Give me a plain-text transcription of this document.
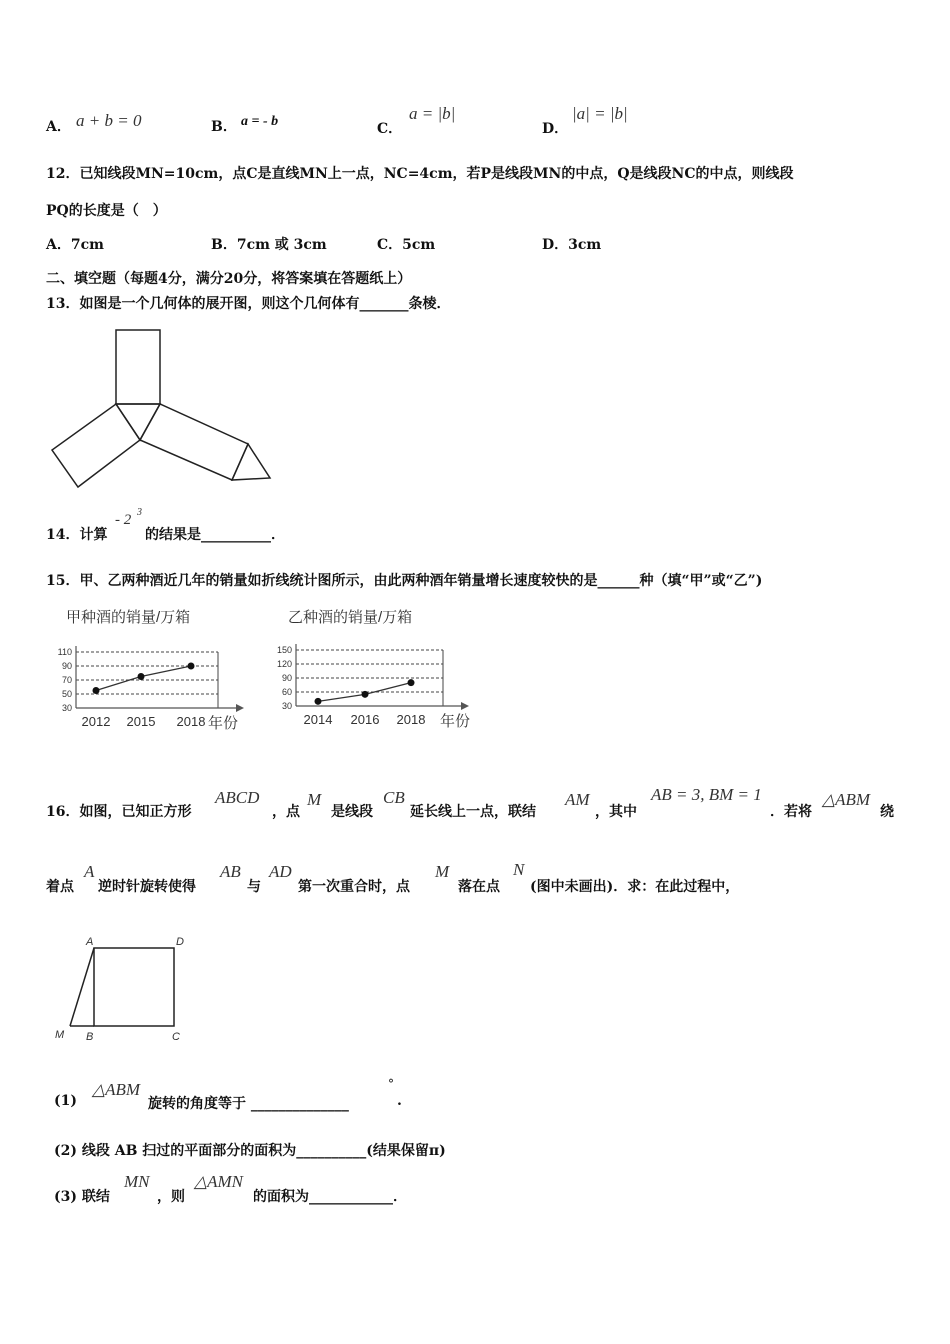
A． a + b = 0	B． a = - b	C．
a = |b|
D．
|a| = |b|
12．已知线段MN=10cm，点C是直线MN上一点，NC=4cm，若P是线段MN的中点，Q是线段NC的中点，则线段
PQ的长度是（　）
A．7cm	B．7cm 或 3cm	C．5cm	D．3cm
二、填空题（每题4分，满分20分，将答案填在答题纸上）
13．如图是一个几何体的展开图，则这个几何体有_______条棱．
14．计算
- 2 3
的结果是__________．
15．甲、乙两种酒近几年的销量如折线统计图所示，由此两种酒年销量增长速度较快的是______种（填“甲”或“乙”)
甲种酒的销量/万箱
110
90
70
50
30
2012 2015 2018 年份
乙种酒的销量/万箱
150
120
90
60
30
2014 2016 2018 年份
16．如图，已知正方形
ABCD
，点
M
是线段
CB
延长线上一点，联结
AM
，其中
AB = 3, BM = 1
．若将
△ABM
绕
着点
A
逆时针旋转使得
AB
与
AD
第一次重合时，点
M
落在点
N
(图中未画出)．求：在此过程中，
A	D
M B	C
(1)
△ABM
旋转的角度等于 ______________
°
.
(2) 线段 AB 扫过的平面部分的面积为__________(结果保留π)
(3) 联结
MN
，则
△AMN
的面积为____________．
